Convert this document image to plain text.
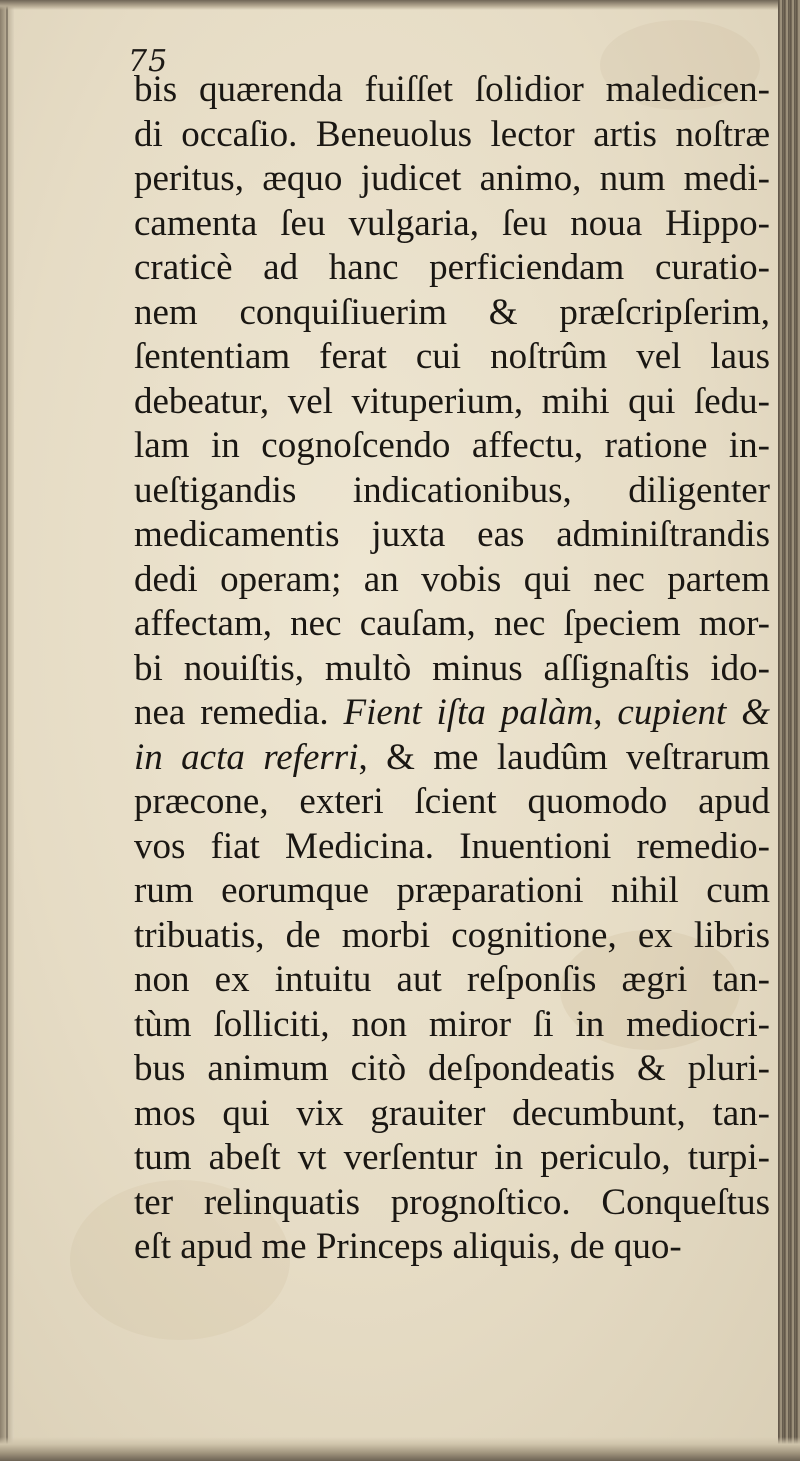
75
bis quærenda fuiſſet ſolidior maledicen-
di occaſio. Beneuolus lector artis noſtræ
peritus, æquo judicet animo, num medi-
camenta ſeu vulgaria, ſeu noua Hippo-
craticè ad hanc perficiendam curatio-
nem conquiſiuerim & præſcripſerim,
ſententiam ferat cui noſtrûm vel laus
debeatur, vel vituperium, mihi qui ſedu-
lam in cognoſcendo affectu, ratione in-
ueſtigandis indicationibus, diligenter
medicamentis juxta eas adminiſtrandis
dedi operam; an vobis qui nec partem
affectam, nec cauſam, nec ſpeciem mor-
bi nouiſtis, multò minus aſſignaſtis ido-
nea remedia. Fient iſta palàm, cupient &
in acta referri, & me laudûm veſtrarum
præcone, exteri ſcient quomodo apud
vos fiat Medicina. Inuentioni remedio-
rum eorumque præparationi nihil cum
tribuatis, de morbi cognitione, ex libris
non ex intuitu aut reſponſis ægri tan-
tùm ſolliciti, non miror ſi in mediocri-
bus animum citò deſpondeatis & pluri-
mos qui vix grauiter decumbunt, tan-
tum abeſt vt verſentur in periculo, turpi-
ter relinquatis prognoſtico. Conqueſtus
eſt apud me Princeps aliquis, de quo-
